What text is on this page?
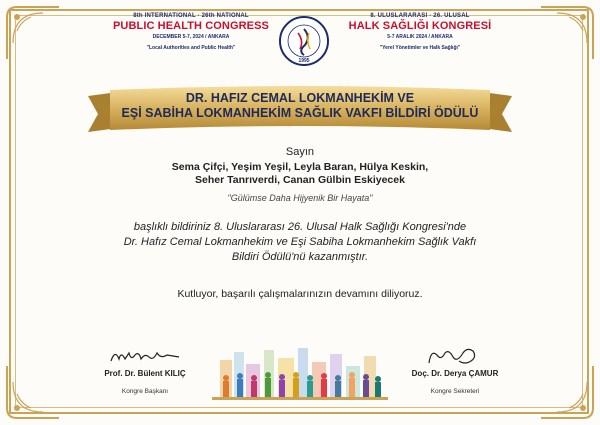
8th INTERNATIONAL · 26th NATIONAL
PUBLIC HEALTH CONGRESS
DECEMBER 5-7, 2024 / ANKARA
"Local Authorities and Public Health"
1995
8. ULUSLARARASI · 26. ULUSAL
HALK SAĞLIĞI KONGRESİ
5-7 ARALIK 2024 / ANKARA
"Yerel Yönetimler ve Halk Sağlığı"
DR. HAFIZ CEMAL LOKMANHEKİM VE
EŞİ SABİHA LOKMANHEKİM SAĞLIK VAKFI BİLDİRİ ÖDÜLÜ
Sayın
Sema Çifçi, Yeşim Yeşil, Leyla Baran, Hülya Keskin,
Seher Tanrıverdi, Canan Gülbin Eskiyecek
"Gülümse Daha Hijyenik Bir Hayata"
başlıklı bildiriniz 8. Uluslararası 26. Ulusal Halk Sağlığı Kongresi'nde
Dr. Hafız Cemal Lokmanhekim ve Eşi Sabiha Lokmanhekim Sağlık Vakfı
Bildiri Ödülü'nü kazanmıştır.
Kutluyor, başarılı çalışmalarınızın devamını diliyoruz.
Prof. Dr. Bülent KILIÇ
Kongre Başkanı
Doç. Dr. Derya ÇAMUR
Kongre Sekreteri
